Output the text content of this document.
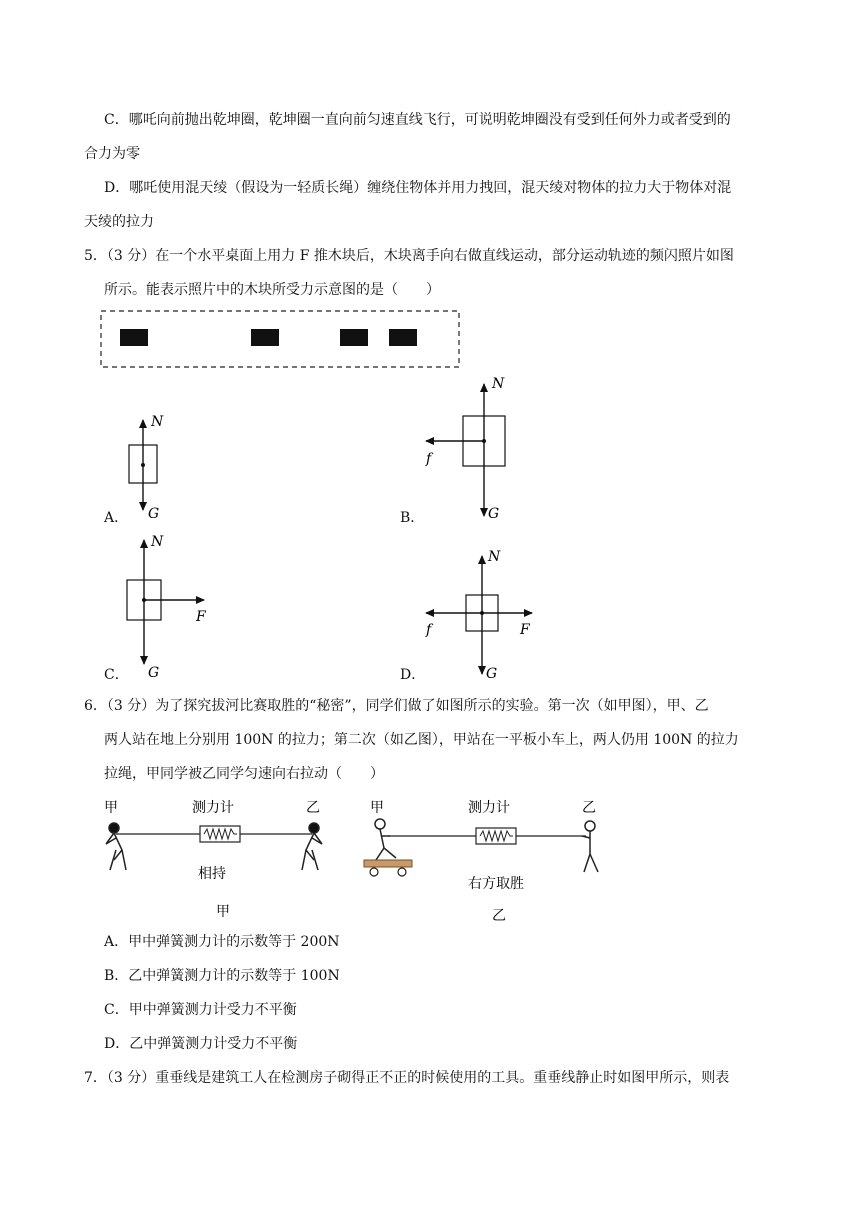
C．哪吒向前抛出乾坤圈，乾坤圈一直向前匀速直线飞行，可说明乾坤圈没有受到任何外力或者受到的
合力为零
D．哪吒使用混天绫（假设为一轻质长绳）缠绕住物体并用力拽回，混天绫对物体的拉力大于物体对混
天绫的拉力
5．（3 分）在一个水平桌面上用力 F 推木块后，木块离手向右做直线运动，部分运动轨迹的频闪照片如图
所示。能表示照片中的木块所受力示意图的是（　　）
A．
N
G	B．
N
f
G
C．
N
F
G	D．
N
f	F
G
6．（3 分）为了探究拔河比赛取胜的“秘密”，同学们做了如图所示的实验。第一次（如甲图），甲、乙
两人站在地上分别用 100N 的拉力；第二次（如乙图），甲站在一平板小车上，两人仍用 100N 的拉力
拉绳，甲同学被乙同学匀速向右拉动（　　）
甲	测力计	乙
相持
甲
甲	测力计	乙
右方取胜
乙
A．甲中弹簧测力计的示数等于 200N
B．乙中弹簧测力计的示数等于 100N
C．甲中弹簧测力计受力不平衡
D．乙中弹簧测力计受力不平衡
7．（3 分）重垂线是建筑工人在检测房子砌得正不正的时候使用的工具。重垂线静止时如图甲所示，则表
